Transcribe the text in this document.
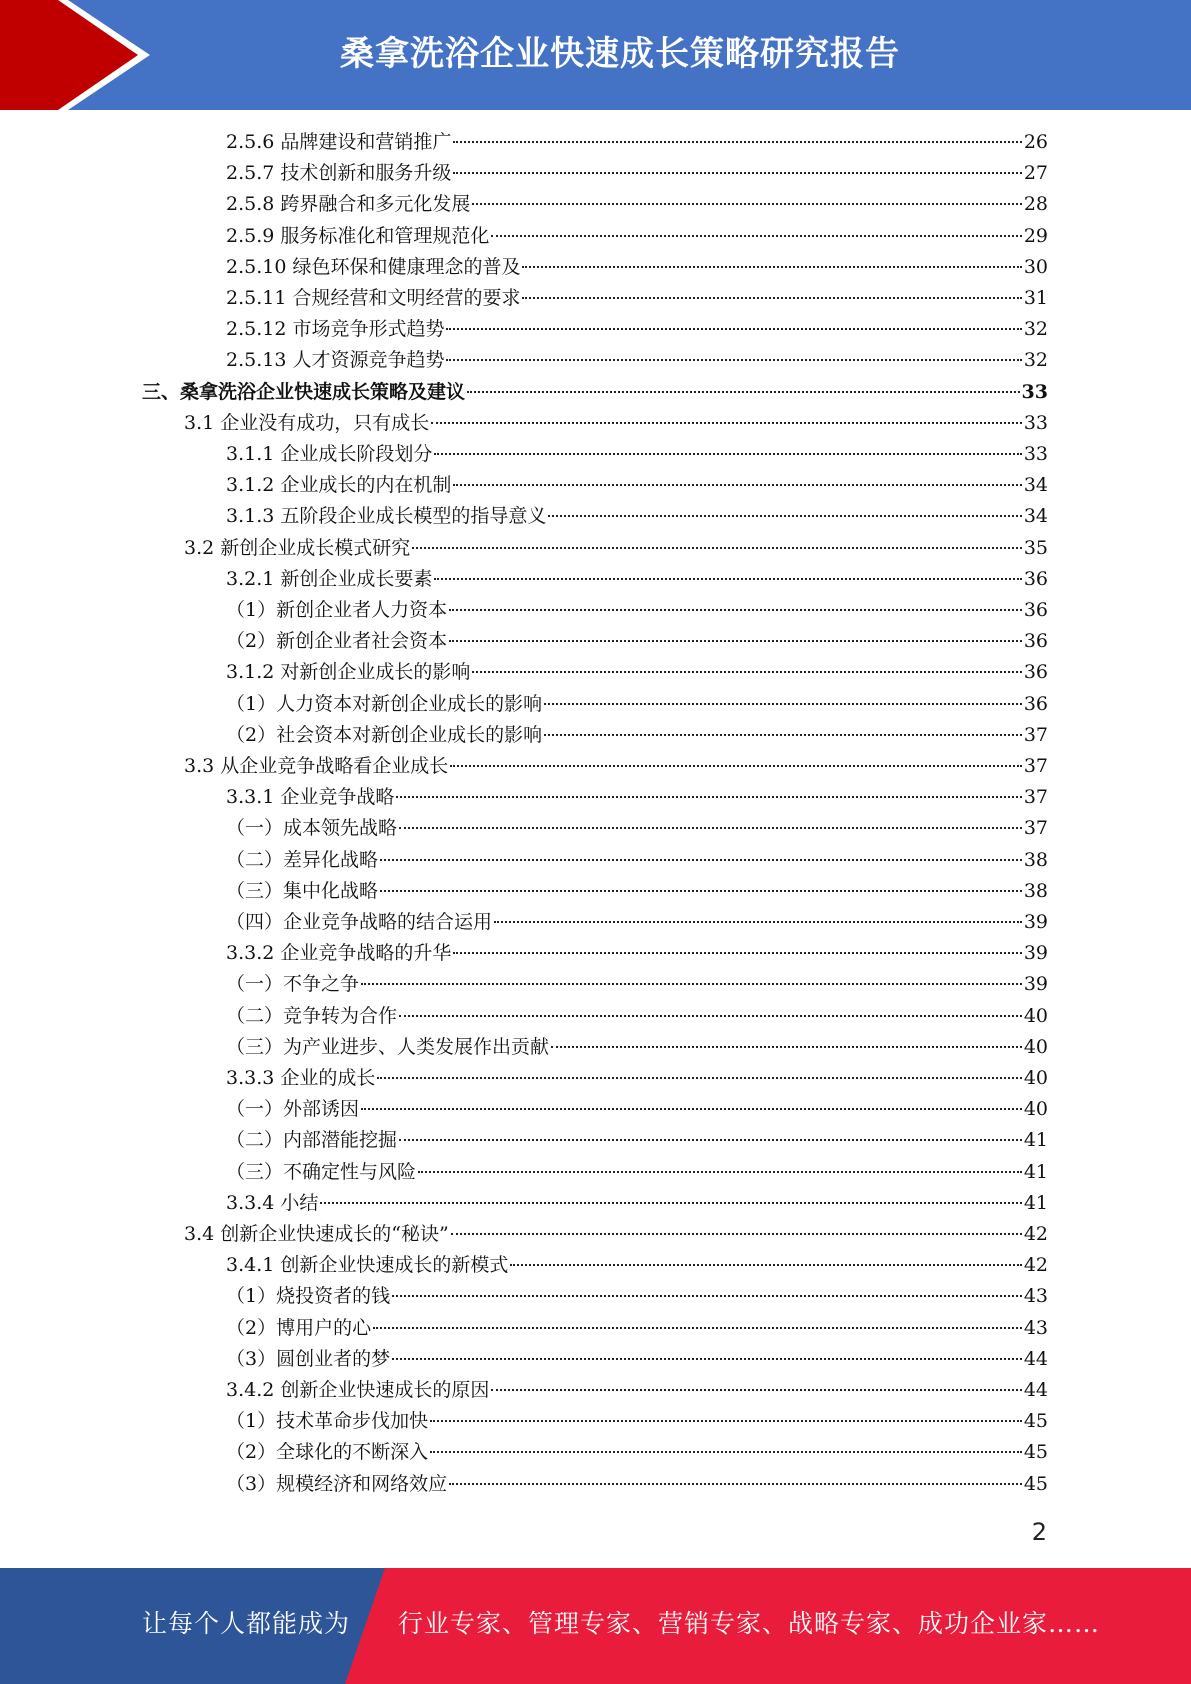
桑拿洗浴企业快速成长策略研究报告
2.5.6 品牌建设和营销推广	26
2.5.7 技术创新和服务升级	27
2.5.8 跨界融合和多元化发展	28
2.5.9 服务标准化和管理规范化	29
2.5.10 绿色环保和健康理念的普及	30
2.5.11 合规经营和文明经营的要求	31
2.5.12 市场竞争形式趋势	32
2.5.13 人才资源竞争趋势	32
三、桑拿洗浴企业快速成长策略及建议	33
3.1 企业没有成功，只有成长	33
3.1.1 企业成长阶段划分	33
3.1.2 企业成长的内在机制	34
3.1.3 五阶段企业成长模型的指导意义	34
3.2 新创企业成长模式研究	35
3.2.1 新创企业成长要素	36
（1）新创企业者人力资本	36
（2）新创企业者社会资本	36
3.1.2 对新创企业成长的影响	36
（1）人力资本对新创企业成长的影响	36
（2）社会资本对新创企业成长的影响	37
3.3 从企业竞争战略看企业成长	37
3.3.1 企业竞争战略	37
（一）成本领先战略	37
（二）差异化战略	38
（三）集中化战略	38
（四）企业竞争战略的结合运用	39
3.3.2 企业竞争战略的升华	39
（一）不争之争	39
（二）竞争转为合作	40
（三）为产业进步、人类发展作出贡献	40
3.3.3 企业的成长	40
（一）外部诱因	40
（二）内部潜能挖掘	41
（三）不确定性与风险	41
3.3.4 小结	41
3.4 创新企业快速成长的“秘诀”	42
3.4.1 创新企业快速成长的新模式	42
（1）烧投资者的钱	43
（2）博用户的心	43
（3）圆创业者的梦	44
3.4.2 创新企业快速成长的原因	44
（1）技术革命步伐加快	45
（2）全球化的不断深入	45
（3）规模经济和网络效应	45
2
让每个人都能成为 行业专家、管理专家、营销专家、战略专家、成功企业家……
